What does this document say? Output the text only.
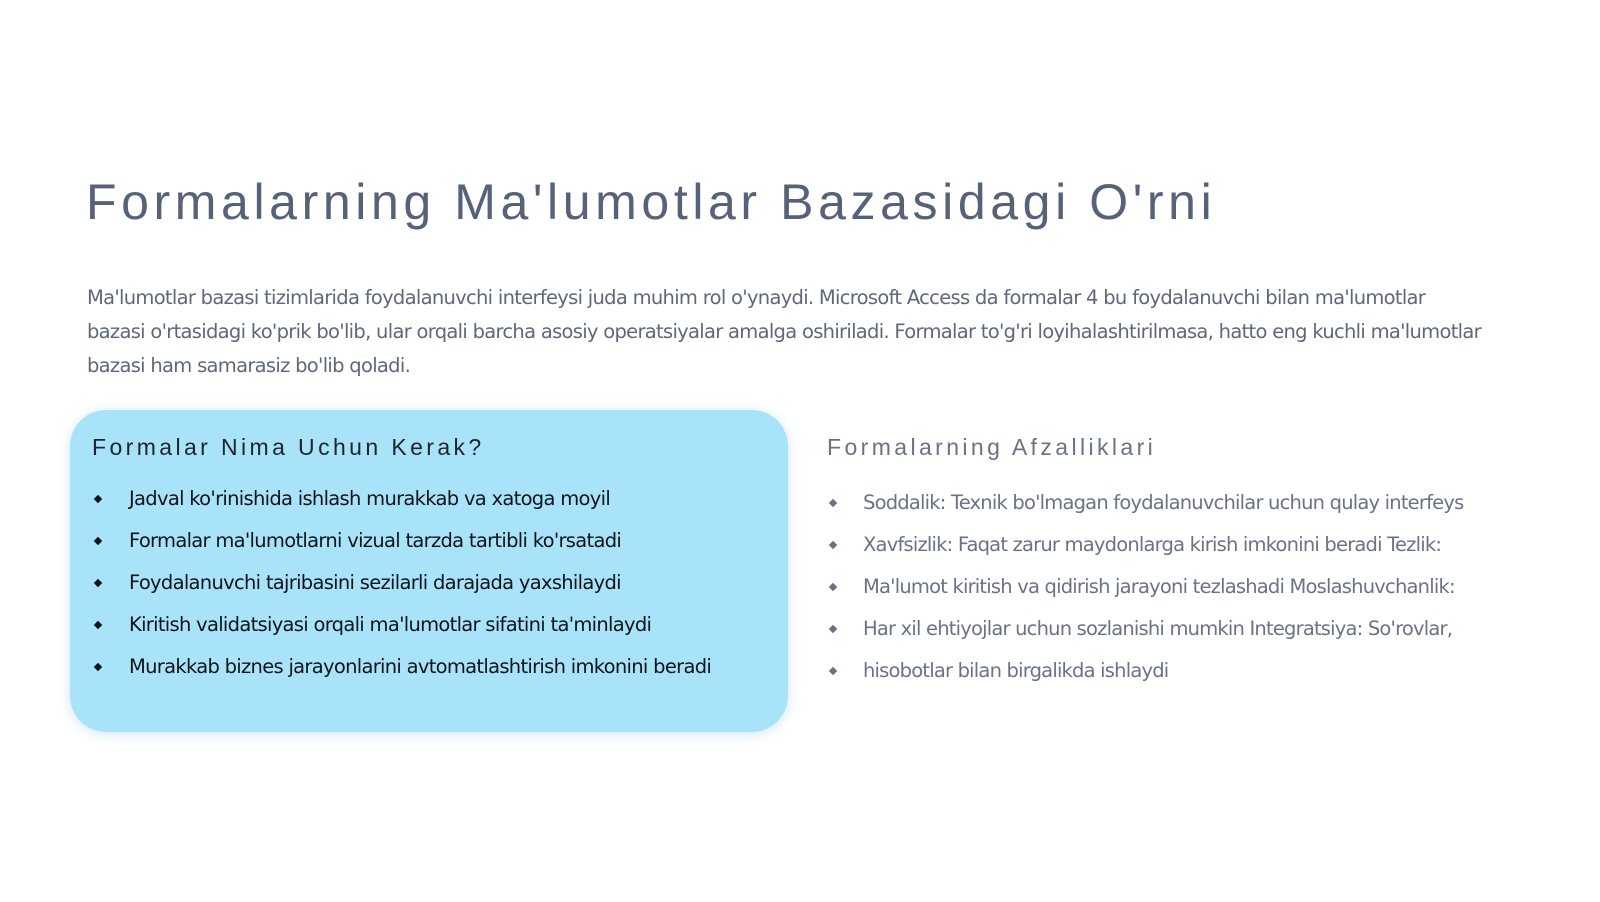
Formalarning Ma'lumotlar Bazasidagi O'rni

Ma'lumotlar bazasi tizimlarida foydalanuvchi interfeysi juda muhim rol o'ynaydi. Microsoft Access da formalar 4 bu foydalanuvchi bilan ma'lumotlar bazasi o'rtasidagi ko'prik bo'lib, ular orqali barcha asosiy operatsiyalar amalga oshiriladi. Formalar to'g'ri loyihalashtirilmasa, hatto eng kuchli ma'lumotlar bazasi ham samarasiz bo'lib qoladi.

Formalar Nima Uchun Kerak?
Jadval ko'rinishida ishlash murakkab va xatoga moyil
Formalar ma'lumotlarni vizual tarzda tartibli ko'rsatadi
Foydalanuvchi tajribasini sezilarli darajada yaxshilaydi
Kiritish validatsiyasi orqali ma'lumotlar sifatini ta'minlaydi
Murakkab biznes jarayonlarini avtomatlashtirish imkonini beradi
Formalarning Afzalliklari
Soddalik: Texnik bo'lmagan foydalanuvchilar uchun qulay interfeys
Xavfsizlik: Faqat zarur maydonlarga kirish imkonini beradi Tezlik:
Ma'lumot kiritish va qidirish jarayoni tezlashadi Moslashuvchanlik:
Har xil ehtiyojlar uchun sozlanishi mumkin Integratsiya: So'rovlar,
hisobotlar bilan birgalikda ishlaydi
